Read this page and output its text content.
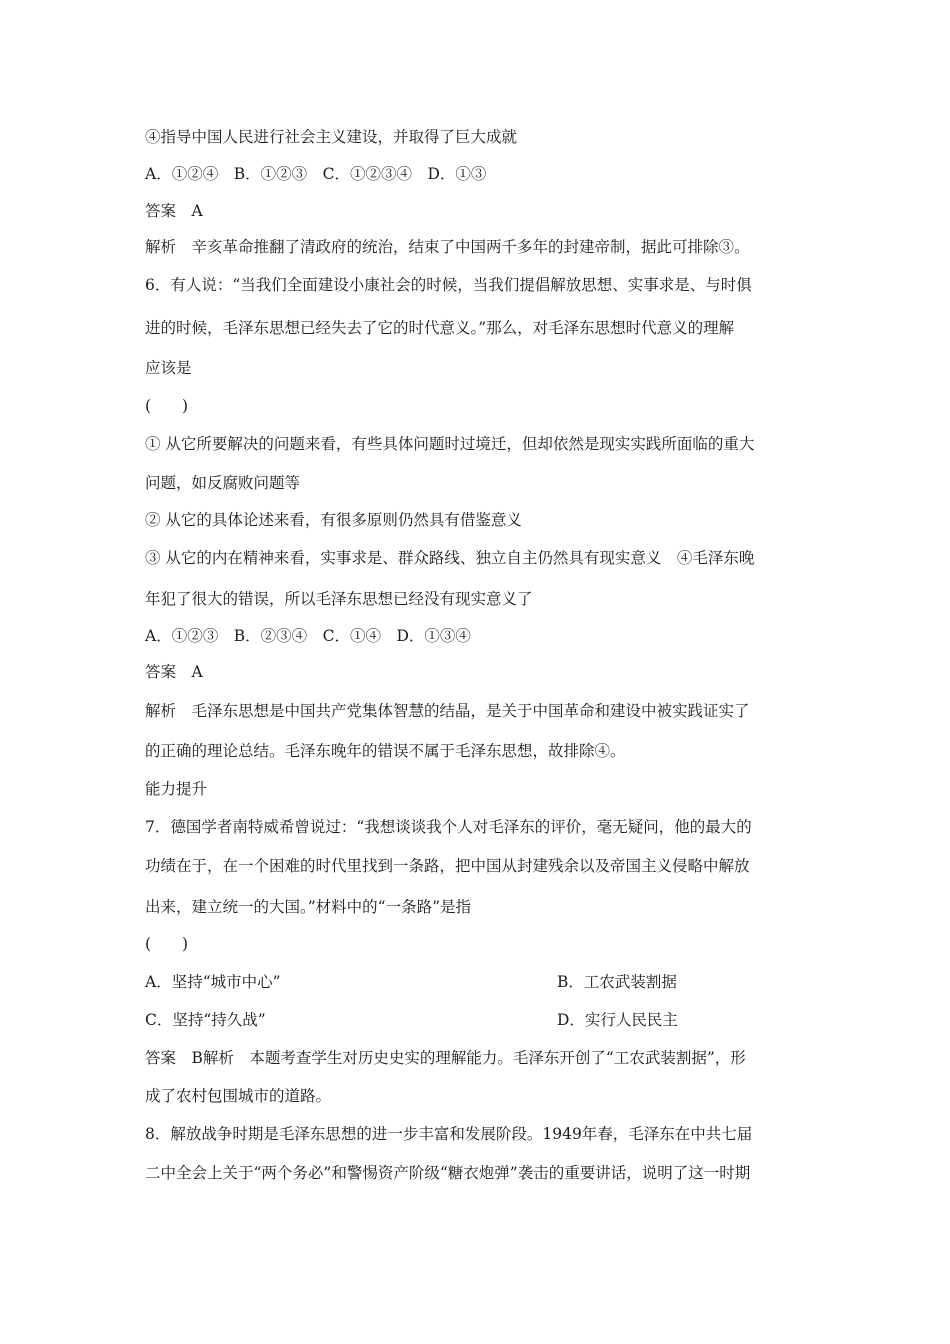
④指导中国人民进行社会主义建设，并取得了巨大成就
A．①②④　B．①②③　C．①②③④　D．①③
答案　A
解析　辛亥革命推翻了清政府的统治，结束了中国两千多年的封建帝制，据此可排除③。
6．有人说：“当我们全面建设小康社会的时候，当我们提倡解放思想、实事求是、与时俱
进的时候，毛泽东思想已经失去了它的时代意义。”那么，对毛泽东思想时代意义的理解
应该是
(　　)
① 从它所要解决的问题来看，有些具体问题时过境迁，但却依然是现实实践所面临的重大
问题，如反腐败问题等
② 从它的具体论述来看，有很多原则仍然具有借鉴意义
③ 从它的内在精神来看，实事求是、群众路线、独立自主仍然具有现实意义　④毛泽东晚
年犯了很大的错误，所以毛泽东思想已经没有现实意义了
A．①②③　B．②③④　C．①④　D．①③④
答案　A
解析　毛泽东思想是中国共产党集体智慧的结晶，是关于中国革命和建设中被实践证实了
的正确的理论总结。毛泽东晚年的错误不属于毛泽东思想，故排除④。
能力提升
7．德国学者南特威希曾说过：“我想谈谈我个人对毛泽东的评价，毫无疑问，他的最大的
功绩在于，在一个困难的时代里找到一条路，把中国从封建残余以及帝国主义侵略中解放
出来，建立统一的大国。”材料中的“一条路”是指
(　　)
A．坚持“城市中心”	B．工农武装割据
C．坚持“持久战”	D．实行人民民主
答案　B解析　本题考查学生对历史史实的理解能力。毛泽东开创了“工农武装割据”，形
成了农村包围城市的道路。
8．解放战争时期是毛泽东思想的进一步丰富和发展阶段。1949年春，毛泽东在中共七届
二中全会上关于“两个务必”和警惕资产阶级“糖衣炮弹”袭击的重要讲话，说明了这一时期
